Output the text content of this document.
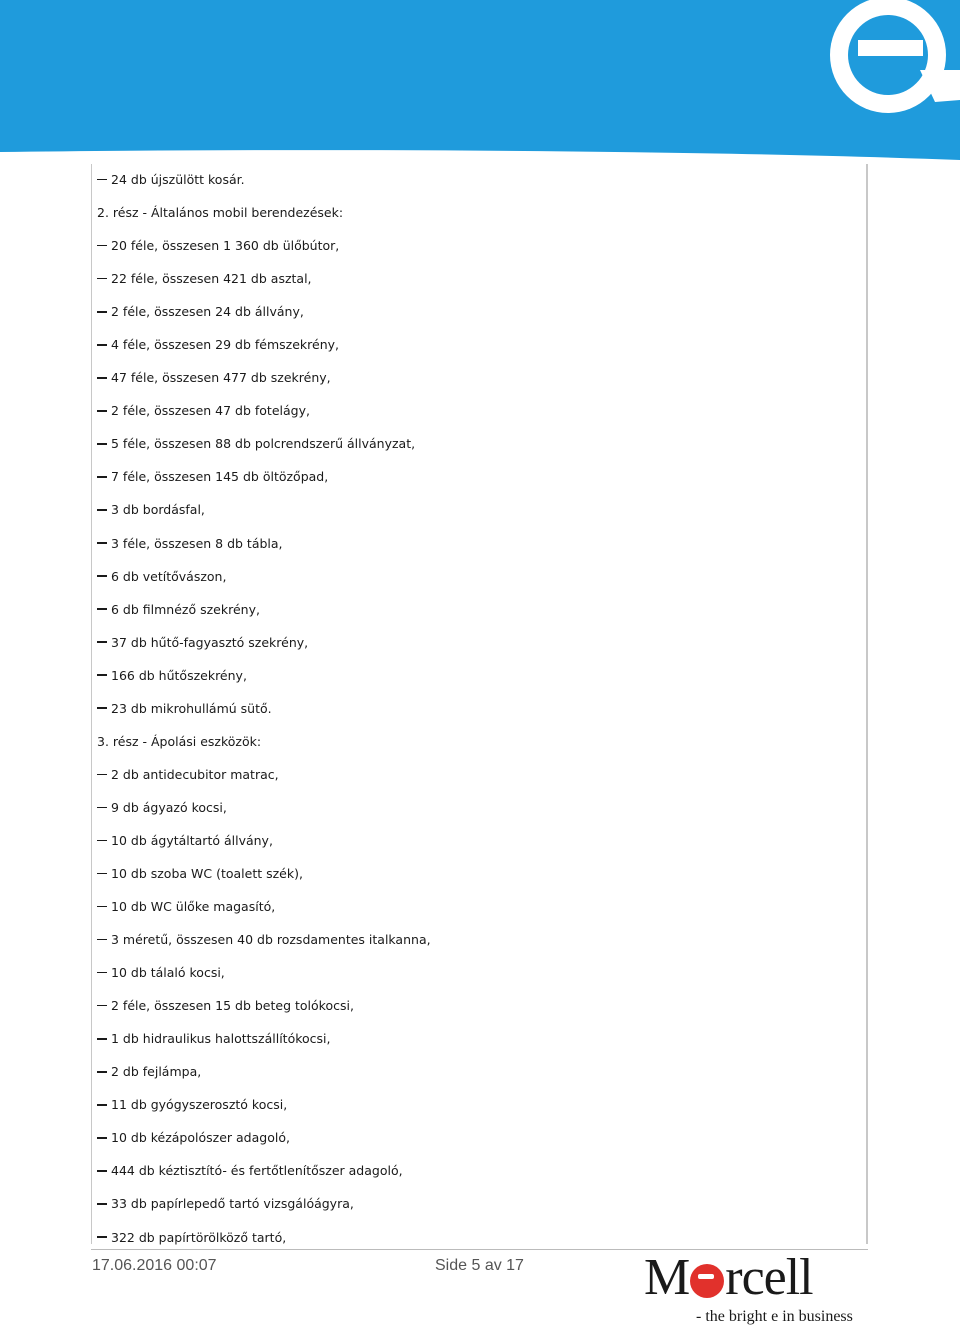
24 db újszülött kosár.
2. rész - Általános mobil berendezések:
20 féle, összesen 1 360 db ülőbútor,
22 féle, összesen 421 db asztal,
2 féle, összesen 24 db állvány,
4 féle, összesen 29 db fémszekrény,
47 féle, összesen 477 db szekrény,
2 féle, összesen 47 db fotelágy,
5 féle, összesen 88 db polcrendszerű állványzat,
7 féle, összesen 145 db öltözőpad,
3 db bordásfal,
3 féle, összesen 8 db tábla,
6 db vetítővászon,
6 db filmnéző szekrény,
37 db hűtő-fagyasztó szekrény,
166 db hűtőszekrény,
23 db mikrohullámú sütő.
3. rész - Ápolási eszközök:
2 db antidecubitor matrac,
9 db ágyazó kocsi,
10 db ágytáltartó állvány,
10 db szoba WC (toalett szék),
10 db WC ülőke magasító,
3 méretű, összesen 40 db rozsdamentes italkanna,
10 db tálaló kocsi,
2 féle, összesen 15 db beteg tolókocsi,
1 db hidraulikus halottszállítókocsi,
2 db fejlámpa,
11 db gyógyszerosztó kocsi,
10 db kézápolószer adagoló,
444 db kéztisztító- és fertőtlenítőszer adagoló,
33 db papírlepedő tartó vizsgálóágyra,
322 db papírtörölköző tartó,
17.06.2016 00:07	Side 5 av 17 M rcell
- the bright e in business
